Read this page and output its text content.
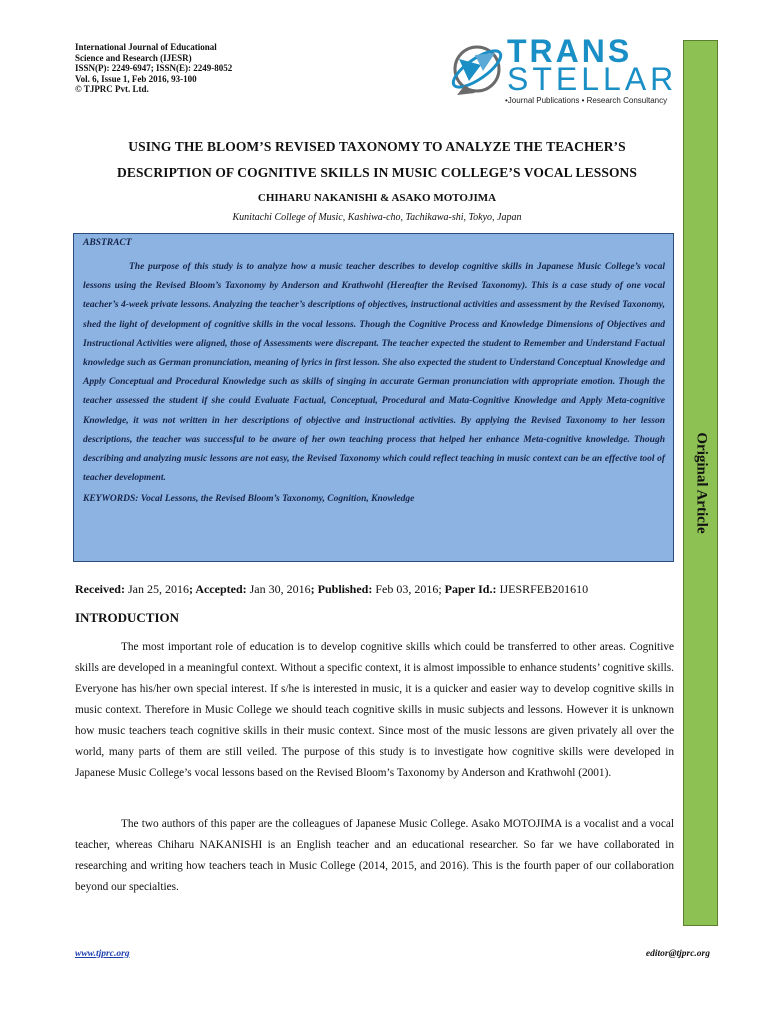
International Journal of Educational
Science and Research (IJESR)
ISSN(P): 2249-6947; ISSN(E): 2249-8052
Vol. 6, Issue 1, Feb 2016, 93-100
© TJPRC Pvt. Ltd.
TRANS
STELLAR
•Journal Publications • Research Consultancy
Original Article
USING THE BLOOM’S REVISED TAXONOMY TO ANALYZE THE TEACHER’S
DESCRIPTION OF COGNITIVE SKILLS IN MUSIC COLLEGE’S VOCAL LESSONS
CHIHARU NAKANISHI & ASAKO MOTOJIMA
Kunitachi College of Music, Kashiwa-cho, Tachikawa-shi, Tokyo, Japan
ABSTRACT
The purpose of this study is to analyze how a music teacher describes to develop cognitive skills in Japanese Music College’s vocal lessons using the Revised Bloom’s Taxonomy by Anderson and Krathwohl (Hereafter the Revised Taxonomy). This is a case study of one vocal teacher’s 4-week private lessons. Analyzing the teacher’s descriptions of objectives, instructional activities and assessment by the Revised Taxonomy, shed the light of development of cognitive skills in the vocal lessons. Though the Cognitive Process and Knowledge Dimensions of Objectives and Instructional Activities were aligned, those of Assessments were discrepant. The teacher expected the student to Remember and Understand Factual knowledge such as German pronunciation, meaning of lyrics in first lesson. She also expected the student to Understand Conceptual Knowledge and Apply Conceptual and Procedural Knowledge such as skills of singing in accurate German pronunciation with appropriate emotion. Though the teacher assessed the student if she could Evaluate Factual, Conceptual, Procedural and Mata-Cognitive Knowledge and Apply Meta-cognitive Knowledge, it was not written in her descriptions of objective and instructional activities. By applying the Revised Taxonomy to her lesson descriptions, the teacher was successful to be aware of her own teaching process that helped her enhance Meta-cognitive knowledge. Though describing and analyzing music lessons are not easy, the Revised Taxonomy which could reflect teaching in music context can be an effective tool of teacher development.
KEYWORDS: Vocal Lessons, the Revised Bloom’s Taxonomy, Cognition, Knowledge
Received: Jan 25, 2016; Accepted: Jan 30, 2016; Published: Feb 03, 2016; Paper Id.: IJESRFEB201610
INTRODUCTION
The most important role of education is to develop cognitive skills which could be transferred to other areas. Cognitive skills are developed in a meaningful context. Without a specific context, it is almost impossible to enhance students’ cognitive skills. Everyone has his/her own special interest. If s/he is interested in music, it is a quicker and easier way to develop cognitive skills in music context. Therefore in Music College we should teach cognitive skills in music subjects and lessons. However it is unknown how music teachers teach cognitive skills in their music context. Since most of the music lessons are given privately all over the world, many parts of them are still veiled. The purpose of this study is to investigate how cognitive skills were developed in Japanese Music College’s vocal lessons based on the Revised Bloom’s Taxonomy by Anderson and Krathwohl (2001).
The two authors of this paper are the colleagues of Japanese Music College. Asako MOTOJIMA is a vocalist and a vocal teacher, whereas Chiharu NAKANISHI is an English teacher and an educational researcher. So far we have collaborated in researching and writing how teachers teach in Music College (2014, 2015, and 2016). This is the fourth paper of our collaboration beyond our specialties.
www.tjprc.org	editor@tjprc.org
